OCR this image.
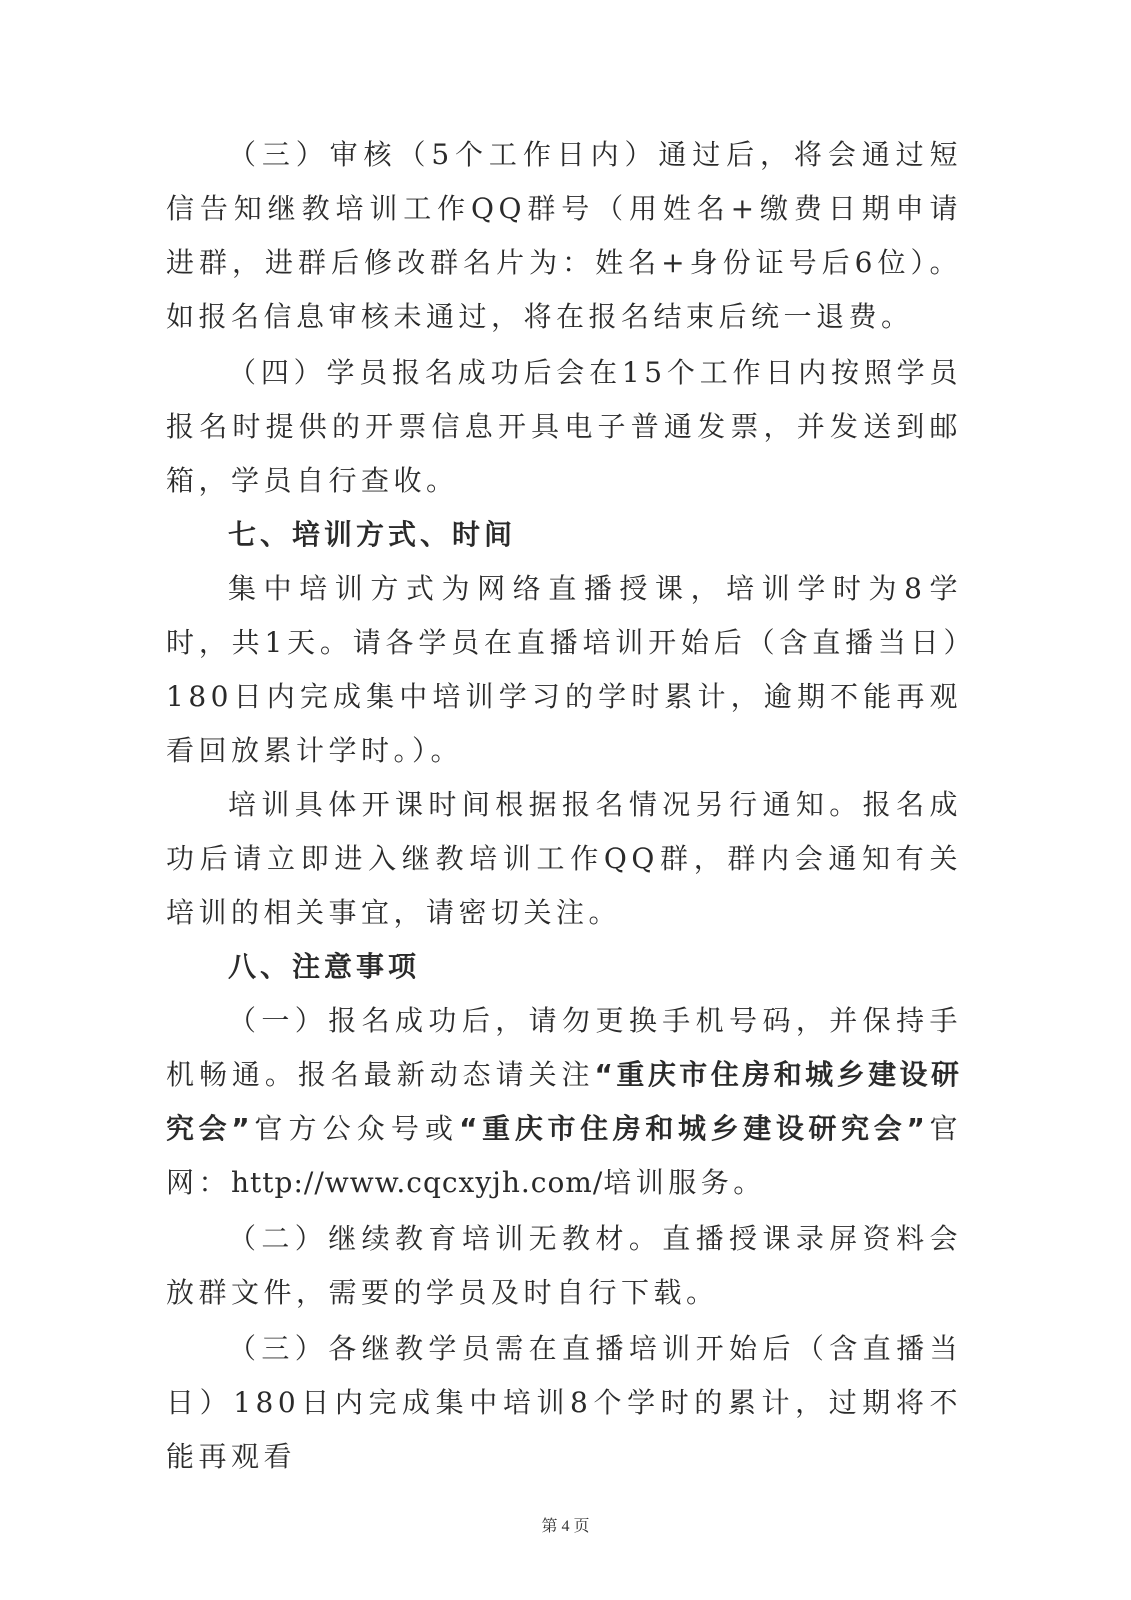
（三）审核（5个工作日内）通过后，将会通过短信告知继教培训工作QQ群号（用姓名+缴费日期申请进群，进群后修改群名片为：姓名+身份证号后6位）。如报名信息审核未通过，将在报名结束后统一退费。

（四）学员报名成功后会在15个工作日内按照学员报名时提供的开票信息开具电子普通发票，并发送到邮箱，学员自行查收。

七、培训方式、时间

集中培训方式为网络直播授课，培训学时为8学时，共1天。请各学员在直播培训开始后（含直播当日）180日内完成集中培训学习的学时累计，逾期不能再观看回放累计学时。）。

培训具体开课时间根据报名情况另行通知。报名成功后请立即进入继教培训工作QQ群，群内会通知有关培训的相关事宜，请密切关注。

八、注意事项

（一）报名成功后，请勿更换手机号码，并保持手机畅通。报名最新动态请关注“重庆市住房和城乡建设研究会”官方公众号或“重庆市住房和城乡建设研究会”官网：http://www.cqcxyjh.com/培训服务。

（二）继续教育培训无教材。直播授课录屏资料会放群文件，需要的学员及时自行下载。

（三）各继教学员需在直播培训开始后（含直播当日）180日内完成集中培训8个学时的累计，过期将不能再观看

第 4 页
